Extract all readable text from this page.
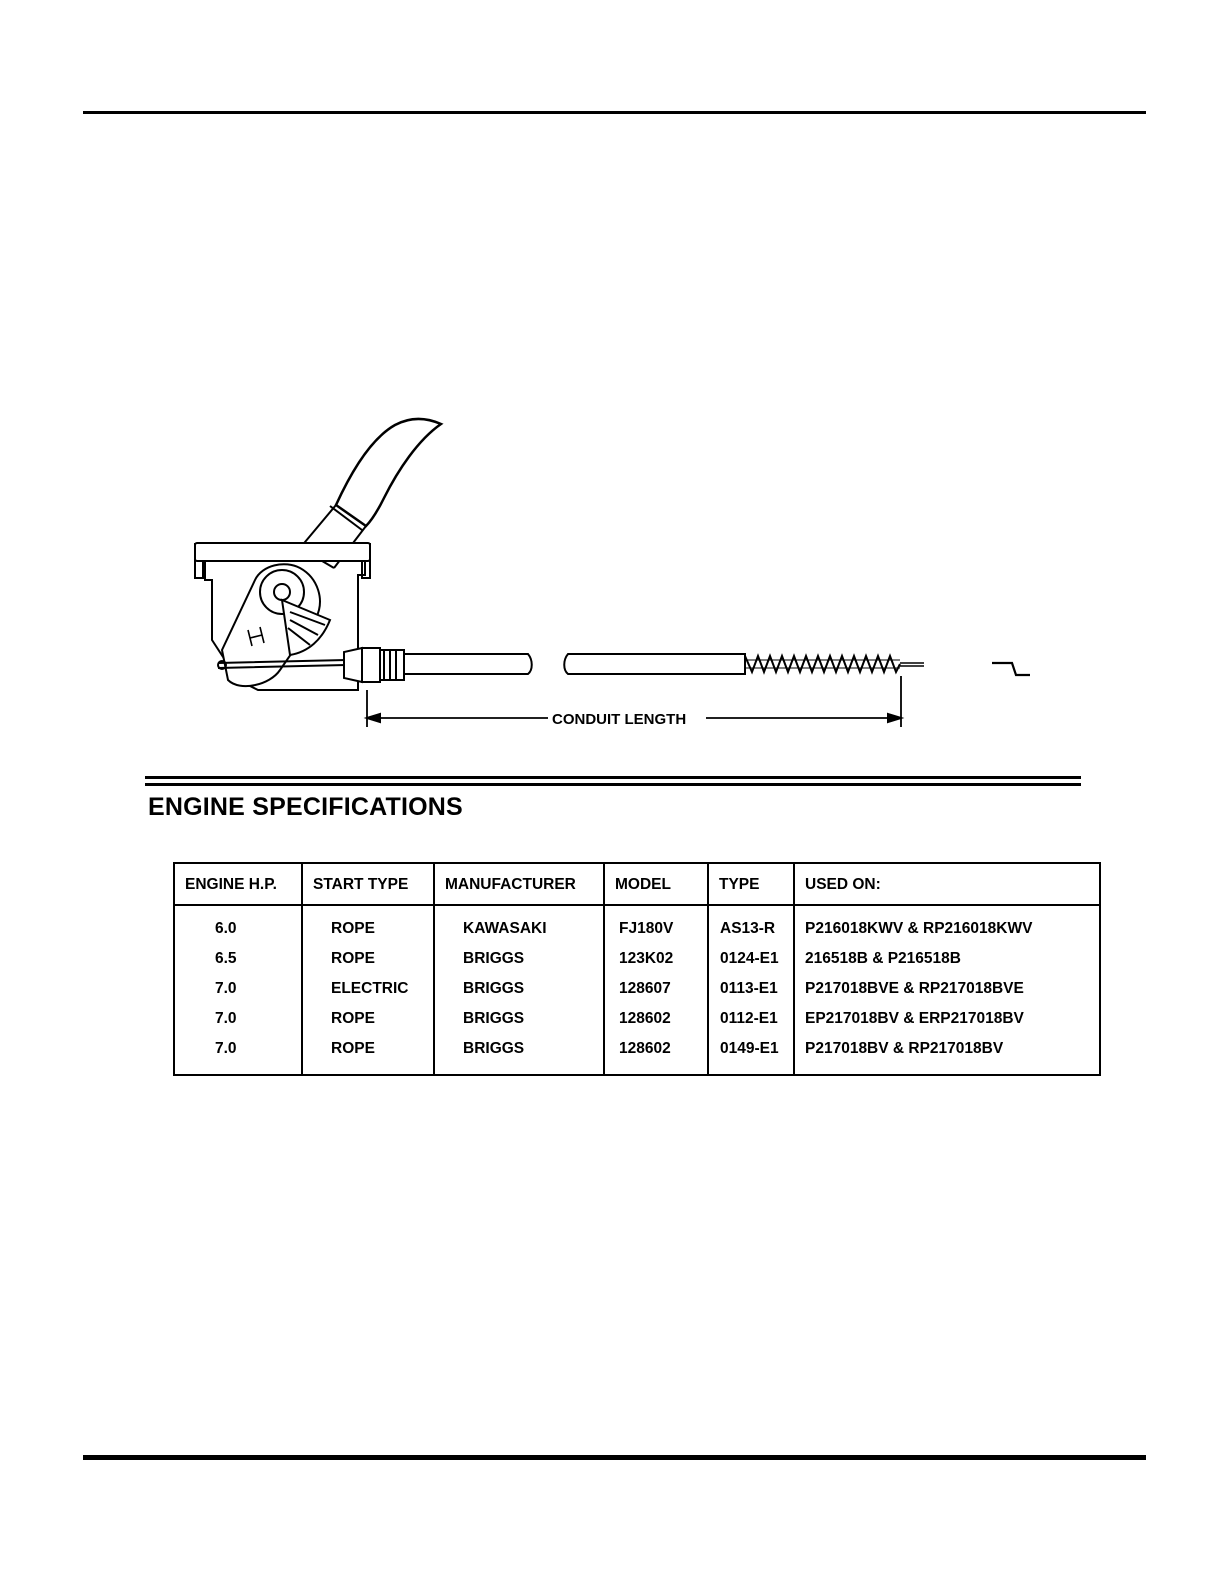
CONDUIT LENGTH
ENGINE SPECIFICATIONS
ENGINE H.P.	START TYPE	MANUFACTURER	MODEL	TYPE	USED ON:
6.0	ROPE	KAWASAKI	FJ180V	AS13-R	P216018KWV & RP216018KWV
6.5	ROPE	BRIGGS	123K02	0124-E1	216518B & P216518B
7.0	ELECTRIC	BRIGGS	128607	0113-E1	P217018BVE & RP217018BVE
7.0	ROPE	BRIGGS	128602	0112-E1	EP217018BV & ERP217018BV
7.0	ROPE	BRIGGS	128602	0149-E1	P217018BV & RP217018BV
